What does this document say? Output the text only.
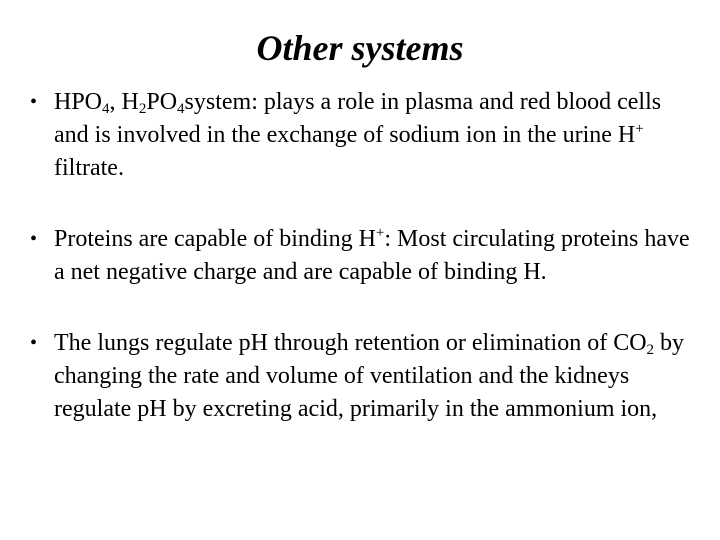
Other systems
• $HPO_4$, $H_2PO_4system$: plays a role in plasma and red blood cells and is involved in the exchange of sodium ion in the urine H+ filtrate.
• Proteins are capable of binding H+: Most circulating proteins have a net negative charge and are capable of binding H.
• The lungs regulate pH through retention or elimination of $CO_2$ by changing the rate and volume of ventilation and the kidneys regulate pH by excreting acid, primarily in the ammonium ion,
